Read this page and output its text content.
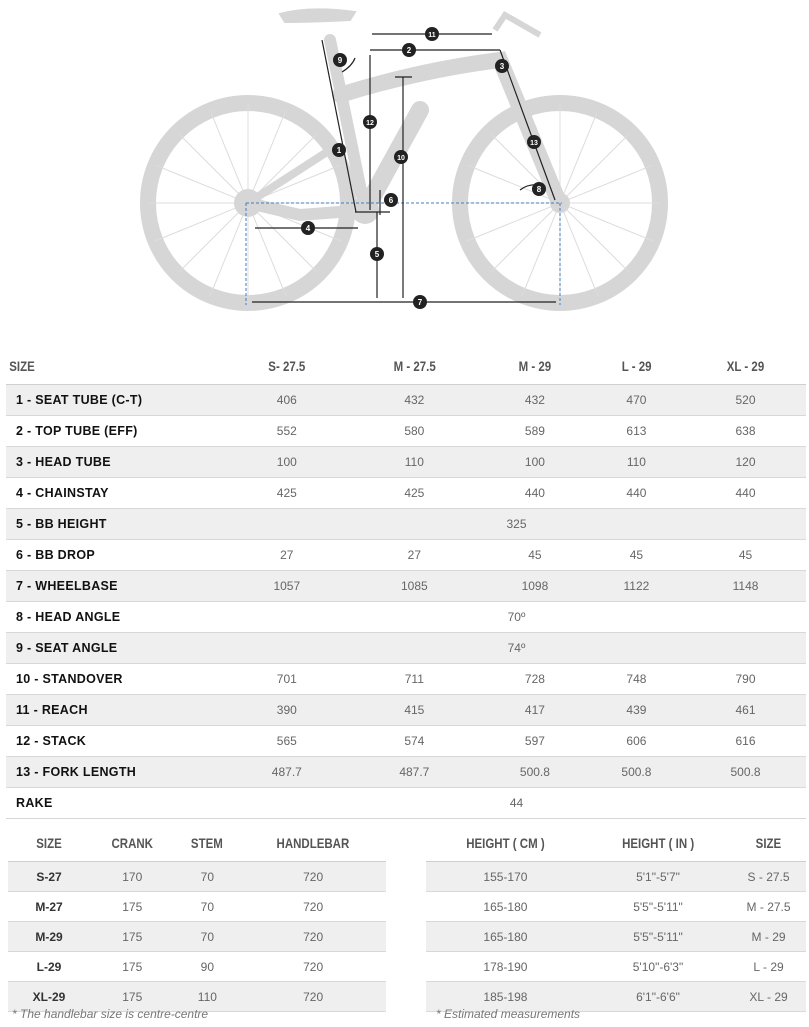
1
2
3
4
5
6
7
8
9
10
11
12
13
SIZE	S- 27.5	M - 27.5	M - 29	L - 29	XL - 29
1 - SEAT TUBE (C-T)	406	432	432	470	520
2 - TOP TUBE (EFF)	552	580	589	613	638
3 - HEAD TUBE	100	110	100	110	120
4 - CHAINSTAY	425	425	440	440	440
5 - BB HEIGHT	325				
6 - BB DROP	27	27	45	45	45
7 - WHEELBASE	1057	1085	1098	1122	1148
8 - HEAD ANGLE	70º				
9 - SEAT ANGLE	74º				
10 - STANDOVER	701	711	728	748	790
11 - REACH	390	415	417	439	461
12 - STACK	565	574	597	606	616
13 - FORK LENGTH	487.7	487.7	500.8	500.8	500.8
RAKE	44				
SIZE	CRANK	STEM	HANDLEBAR
S-27	170	70	720
M-27	175	70	720
M-29	175	70	720
L-29	175	90	720
XL-29	175	110	720
* The handlebar size is centre-centre
HEIGHT ( CM )	HEIGHT ( IN )	SIZE
155-170	5'1"-5'7"	S - 27.5
165-180	5'5"-5'11"	M - 27.5
165-180	5'5"-5'11"	M - 29
178-190	5'10"-6'3"	L - 29
185-198	6'1"-6'6"	XL - 29
* Estimated measurements
